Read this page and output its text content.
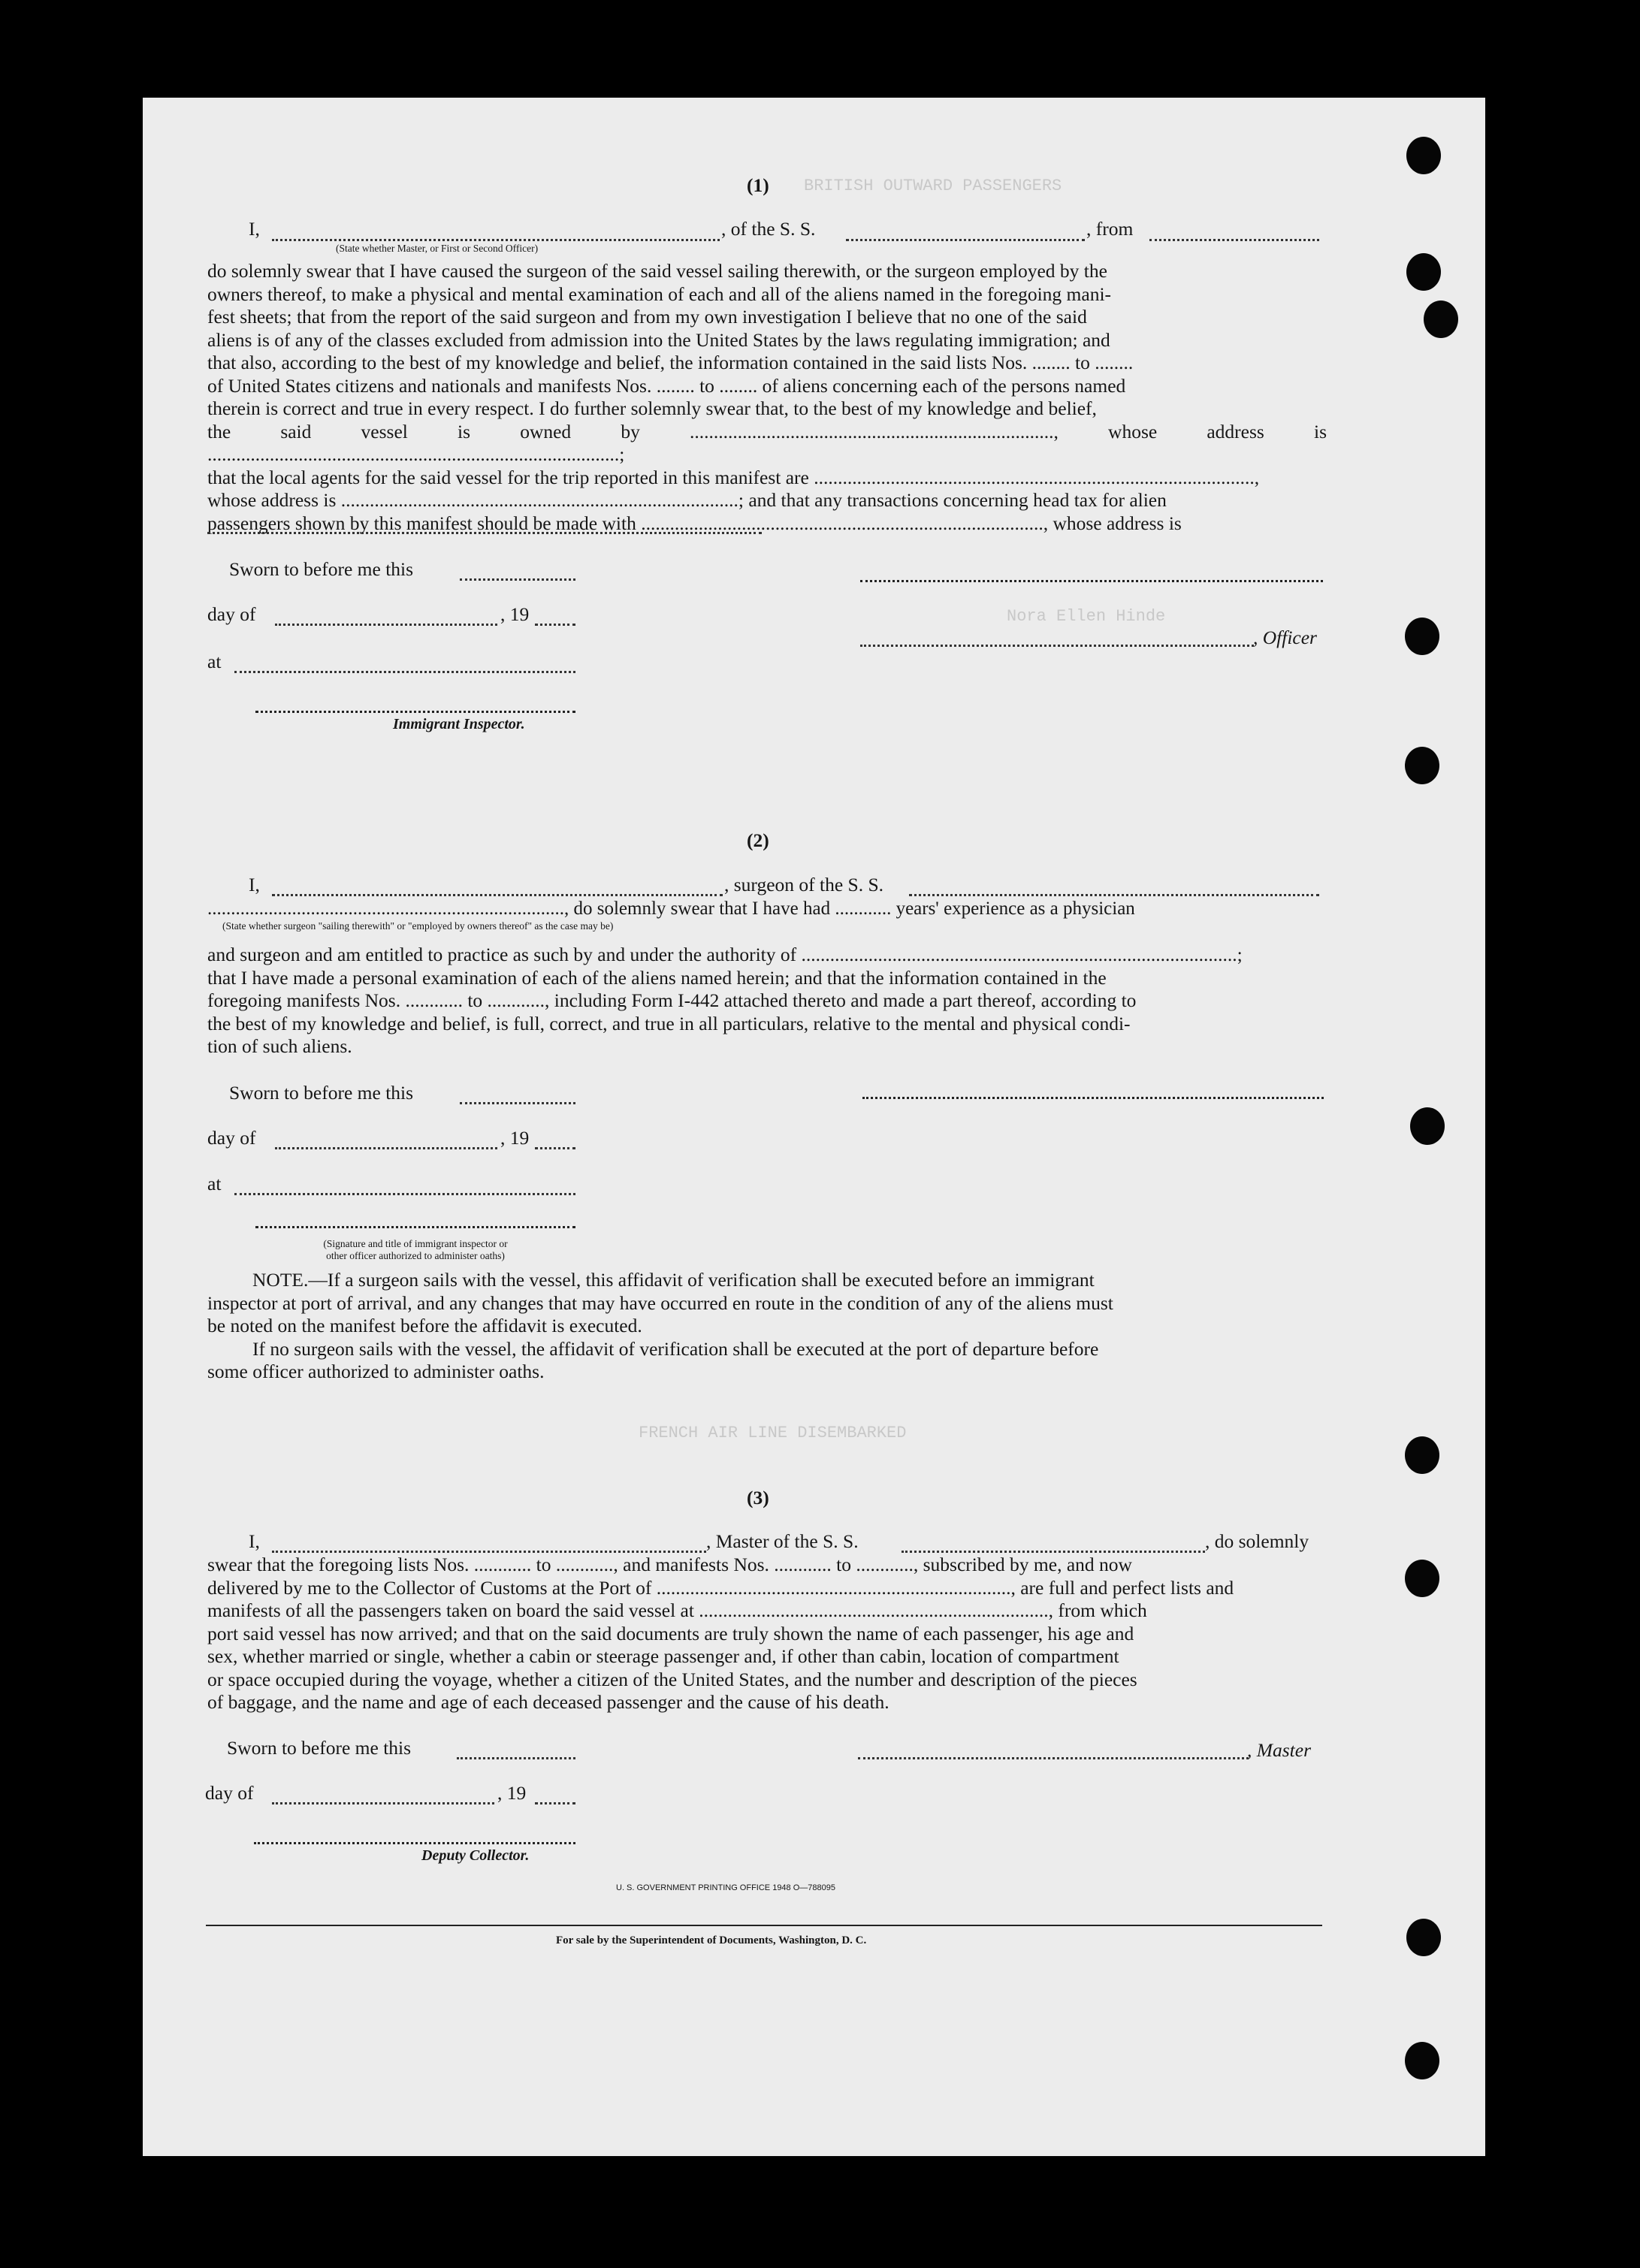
BRITISH OUTWARD PASSENGERS
Nora Ellen Hinde
FRENCH AIR LINE DISEMBARKED
(1)
I,	, of the S. S.	, from
(State whether Master, or First or Second Officer)
do solemnly swear that I have caused the surgeon of the said vessel sailing therewith, or the surgeon employed by the
owners thereof, to make a physical and mental examination of each and all of the aliens named in the foregoing mani-
fest sheets; that from the report of the said surgeon and from my own investigation I believe that no one of the said
aliens is of any of the classes excluded from admission into the United States by the laws regulating immigration; and
that also, according to the best of my knowledge and belief, the information contained in the said lists Nos. ........ to ........
of United States citizens and nationals and manifests Nos. ........ to ........ of aliens concerning each of the persons named
therein is correct and true in every respect. I do further solemnly swear that, to the best of my knowledge and belief,
the said vessel is owned by ............................................................................, whose address is ......................................................................................;
that the local agents for the said vessel for the trip reported in this manifest are ............................................................................................,
whose address is ...................................................................................; and that any transactions concerning head tax for alien
passengers shown by this manifest should be made with ...................................................................................., whose address is
Sworn to before me this
day of	, 19
, Officer
at
Immigrant Inspector.
(2)
I,	, surgeon of the S. S.
............................................................................, do solemnly swear that I have had ............ years' experience as a physician
(State whether surgeon "sailing therewith" or "employed by owners thereof" as the case may be)
and surgeon and am entitled to practice as such by and under the authority of ...........................................................................................;
that I have made a personal examination of each of the aliens named herein; and that the information contained in the
foregoing manifests Nos. ............ to ............, including Form I-442 attached thereto and made a part thereof, according to
the best of my knowledge and belief, is full, correct, and true in all particulars, relative to the mental and physical condi-
tion of such aliens.
Sworn to before me this
day of	, 19
at
(Signature and title of immigrant inspector or
other officer authorized to administer oaths)
NOTE.—If a surgeon sails with the vessel, this affidavit of verification shall be executed before an immigrant
inspector at port of arrival, and any changes that may have occurred en route in the condition of any of the aliens must
be noted on the manifest before the affidavit is executed.
If no surgeon sails with the vessel, the affidavit of verification shall be executed at the port of departure before
some officer authorized to administer oaths.
(3)
I,	, Master of the S. S.	, do solemnly
swear that the foregoing lists Nos. ............ to ............, and manifests Nos. ............ to ............, subscribed by me, and now
delivered by me to the Collector of Customs at the Port of .........................................................................., are full and perfect lists and
manifests of all the passengers taken on board the said vessel at ........................................................................., from which
port said vessel has now arrived; and that on the said documents are truly shown the name of each passenger, his age and
sex, whether married or single, whether a cabin or steerage passenger and, if other than cabin, location of compartment
or space occupied during the voyage, whether a citizen of the United States, and the number and description of the pieces
of baggage, and the name and age of each deceased passenger and the cause of his death.
Sworn to before me this	, Master
day of	, 19
Deputy Collector.
U. S. GOVERNMENT PRINTING OFFICE 1948 O—788095
For sale by the Superintendent of Documents, Washington, D. C.
